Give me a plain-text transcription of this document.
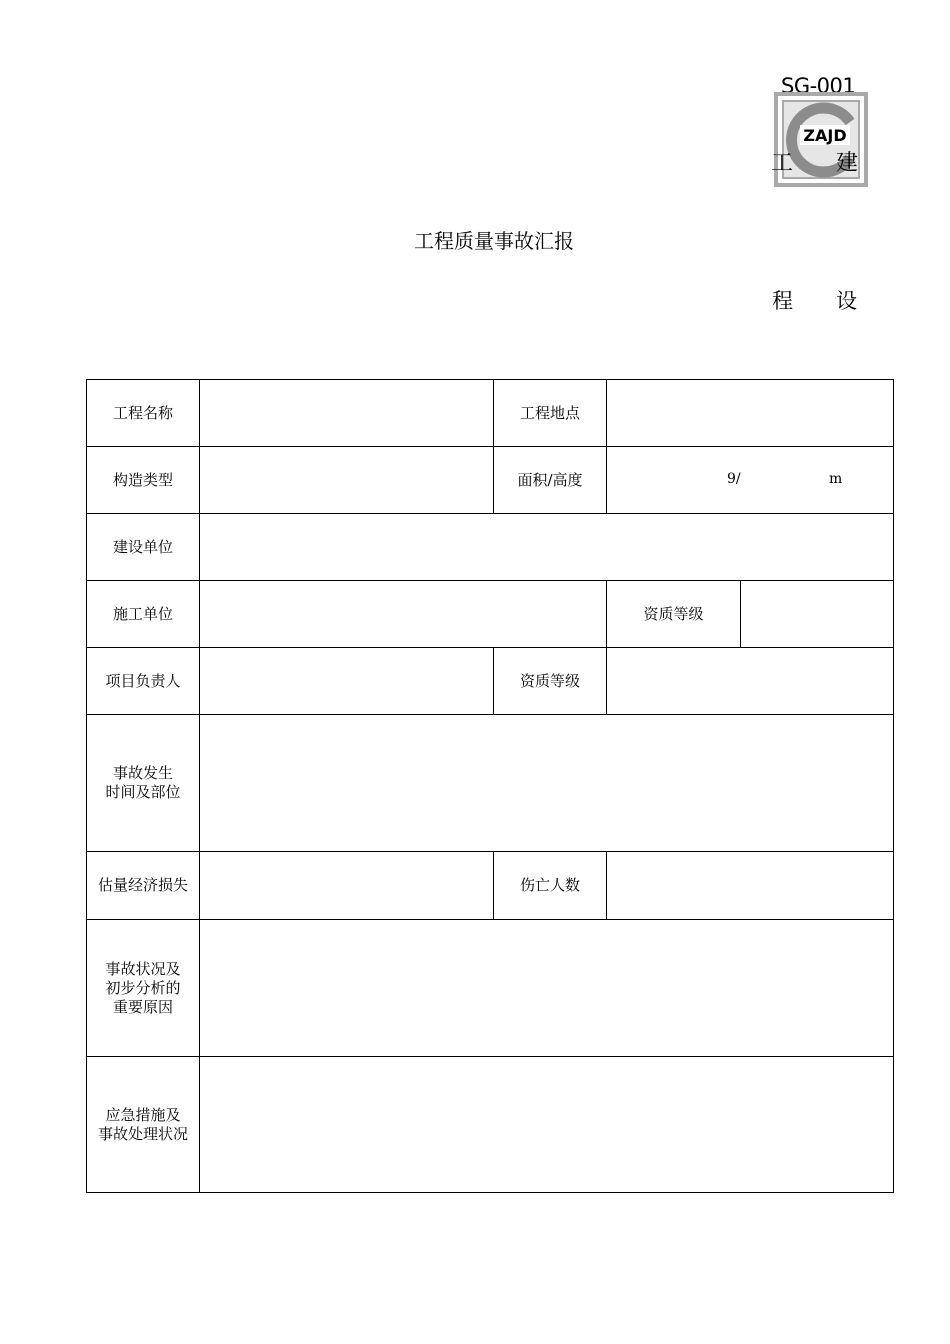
SG-001
ZAJD
工 建
工程质量事故汇报
程 设
工程名称		工程地点		
构造类型		面积/高度	9/ m	

建设单位				
施工单位			资质等级	
项目负责人		资质等级		

事故发生
时间及部位				

估量经济损失		伤亡人数		

事故状况及
初步分析的
重要原因				

应急措施及
事故处理状况				
